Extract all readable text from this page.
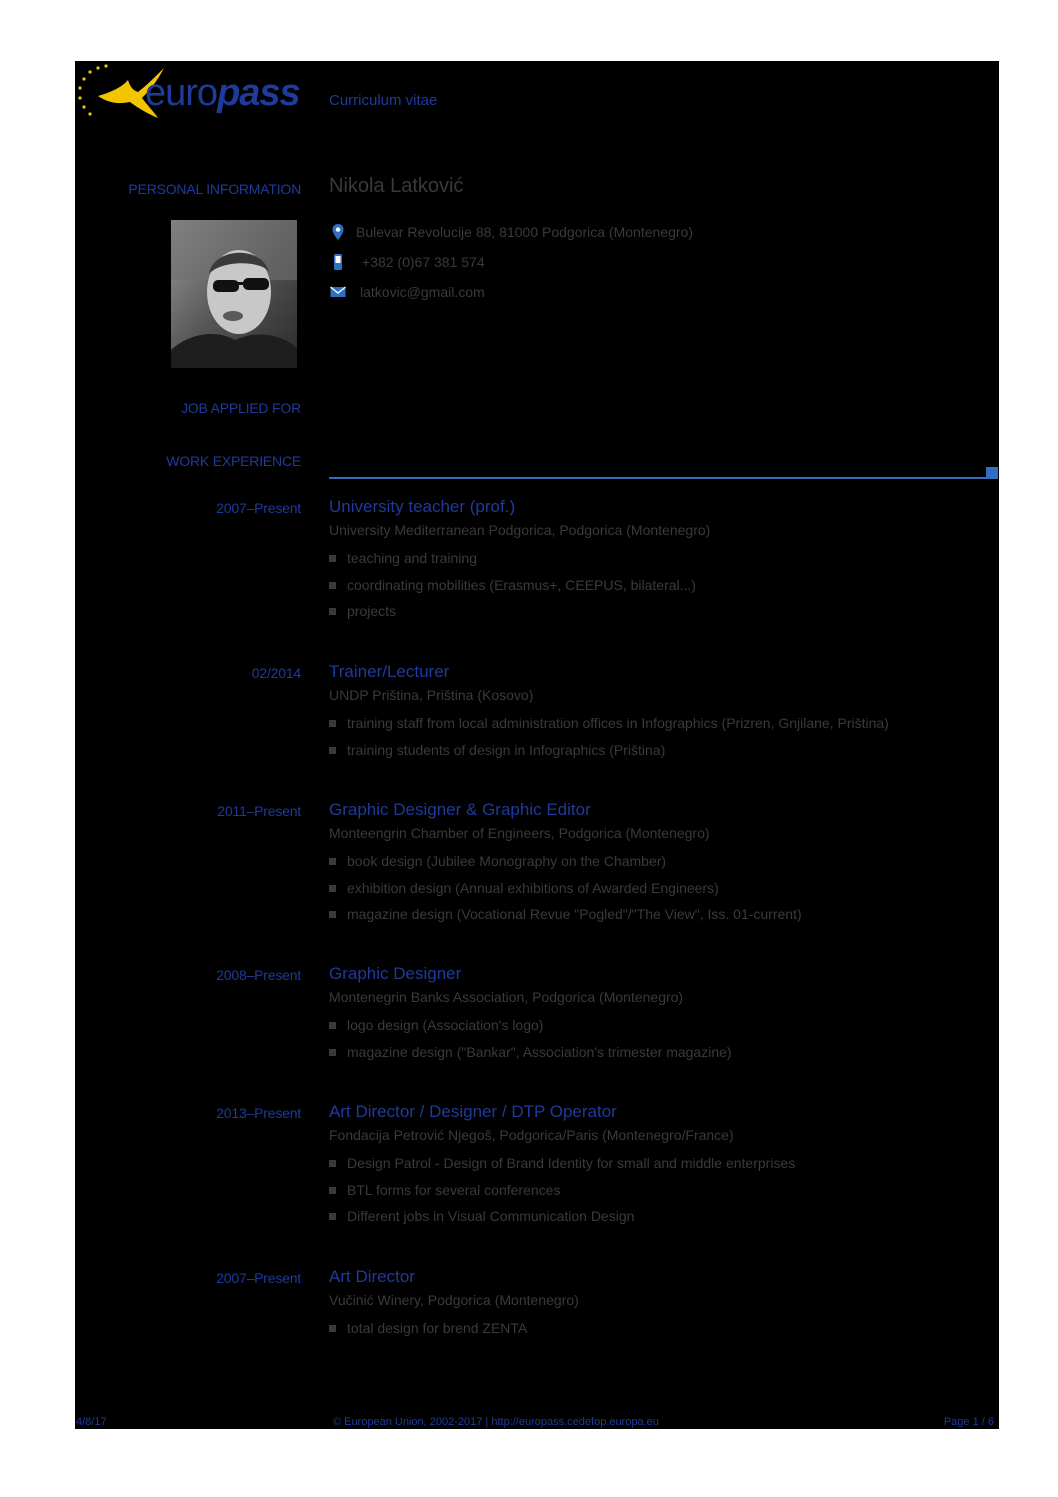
europass Curriculum vitae
PERSONAL INFORMATION Nikola Latković
Bulevar Revolucije 88, 81000 Podgorica (Montenegro)
+382 (0)67 381 574
latkovic@gmail.com
JOB APPLIED FOR
WORK EXPERIENCE
2007–Present University teacher (prof.)
University Mediterranean Podgorica, Podgorica (Montenegro)
teaching and training
coordinating mobilities (Erasmus+, CEEPUS, bilateral...)
projects
02/2014 Trainer/Lecturer
UNDP Priština, Priština (Kosovo)
training staff from local administration offices in Infographics (Prizren, Gnjilane, Priština)
training students of design in Infographics (Priština)
2011–Present Graphic Designer & Graphic Editor
Monteengrin Chamber of Engineers, Podgorica (Montenegro)
book design (Jubilee Monography on the Chamber)
exhibition design (Annual exhibitions of Awarded Engineers)
magazine design (Vocational Revue "Pogled"/"The View", Iss. 01-current)
2008–Present Graphic Designer
Montenegrin Banks Association, Podgorica (Montenegro)
logo design (Association's logo)
magazine design ("Bankar", Association's trimester magazine)
2013–Present Art Director / Designer / DTP Operator
Fondacija Petrović Njegoš, Podgorica/Paris (Montenegro/France)
Design Patrol - Design of Brand Identity for small and middle enterprises
BTL forms for several conferences
Different jobs in Visual Communication Design
2007–Present Art Director
Vučinić Winery, Podgorica (Montenegro)
total design for brend ZENTA
4/8/17	© European Union, 2002-2017 | http://europass.cedefop.europa.eu	Page 1 / 6
